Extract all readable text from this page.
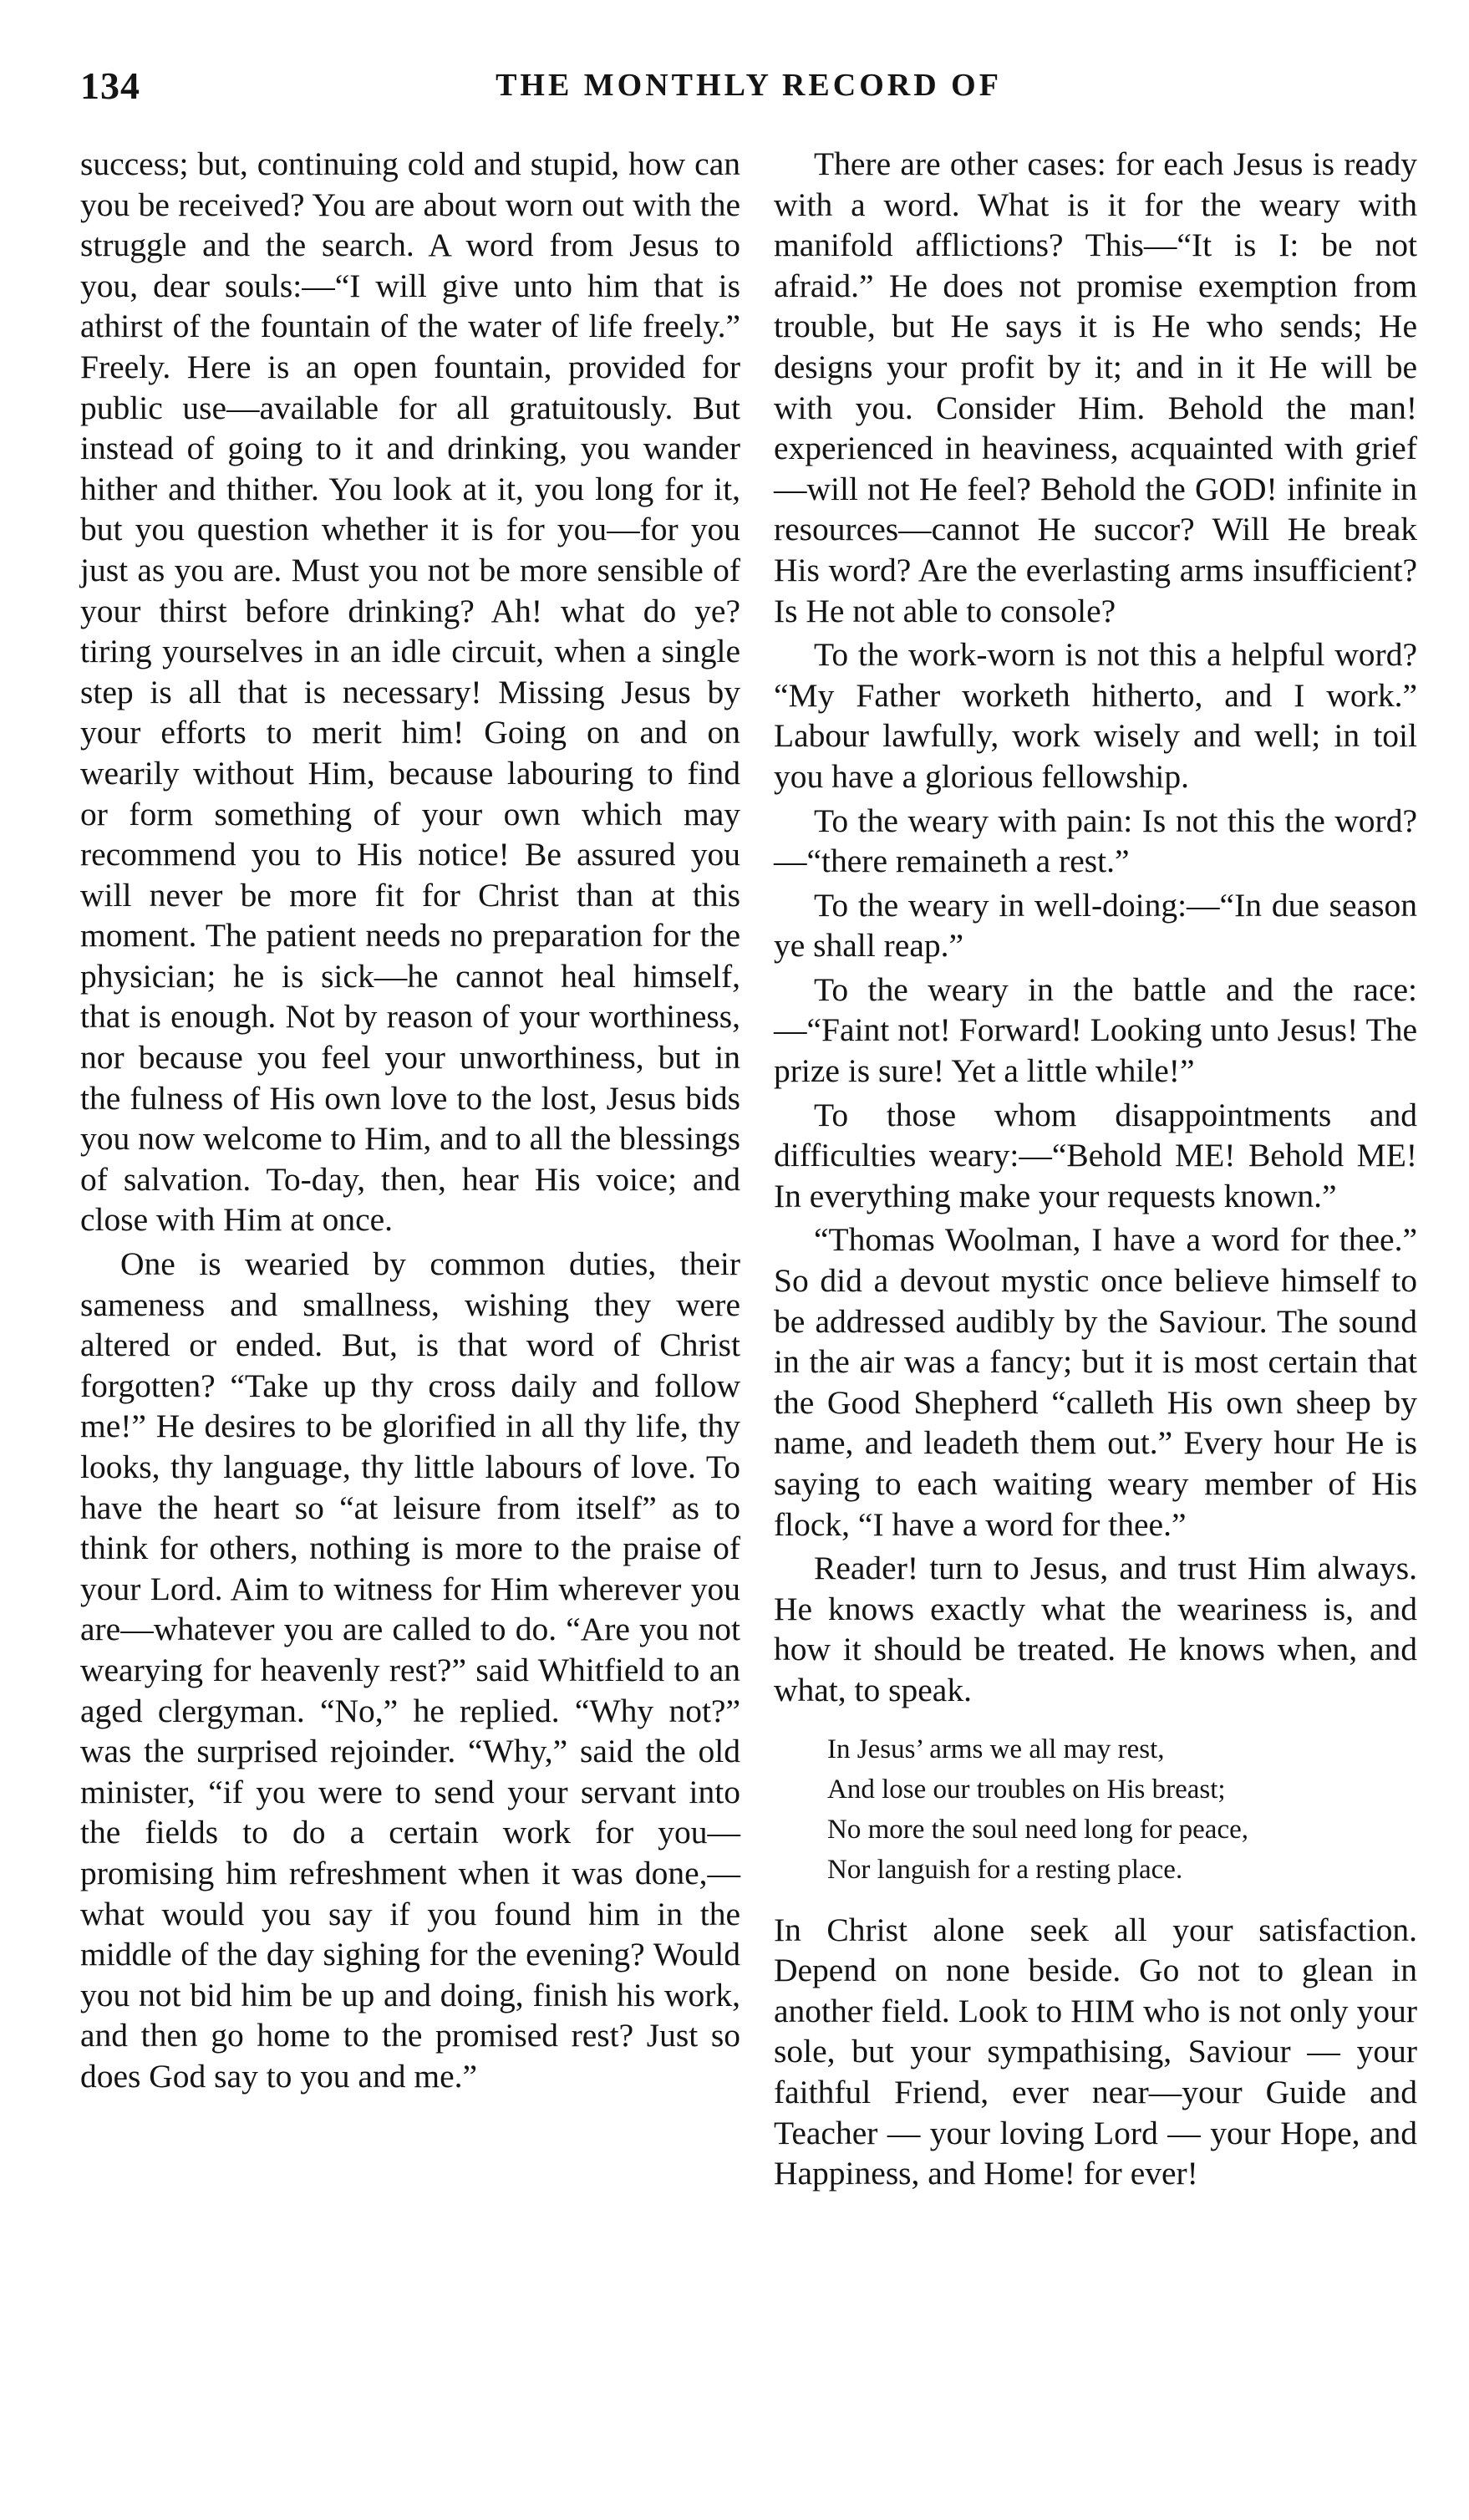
134	THE MONTHLY RECORD OF

success; but, continuing cold and stupid, how can you be received? You are about worn out with the struggle and the search. A word from Jesus to you, dear souls:—“I will give unto him that is athirst of the fountain of the water of life freely.” Freely. Here is an open fountain, provided for public use—available for all gratuitously. But instead of going to it and drinking, you wander hither and thither. You look at it, you long for it, but you question whether it is for you—for you just as you are. Must you not be more sensible of your thirst before drinking? Ah! what do ye? tiring yourselves in an idle circuit, when a single step is all that is necessary! Missing Jesus by your efforts to merit him! Going on and on wearily without Him, because labouring to find or form something of your own which may recommend you to His notice! Be assured you will never be more fit for Christ than at this moment. The patient needs no preparation for the physician; he is sick—he cannot heal himself, that is enough. Not by reason of your worthiness, nor because you feel your unworthiness, but in the fulness of His own love to the lost, Jesus bids you now welcome to Him, and to all the blessings of salvation. To-day, then, hear His voice; and close with Him at once.

One is wearied by common duties, their sameness and smallness, wishing they were altered or ended. But, is that word of Christ forgotten? “Take up thy cross daily and follow me!” He desires to be glorified in all thy life, thy looks, thy language, thy little labours of love. To have the heart so “at leisure from itself” as to think for others, nothing is more to the praise of your Lord. Aim to witness for Him wherever you are—whatever you are called to do. “Are you not wearying for heavenly rest?” said Whitfield to an aged clergyman. “No,” he replied. “Why not?” was the surprised rejoinder. “Why,” said the old minister, “if you were to send your servant into the fields to do a certain work for you—promising him refreshment when it was done,—what would you say if you found him in the middle of the day sighing for the evening? Would you not bid him be up and doing, finish his work, and then go home to the promised rest? Just so does God say to you and me.”

There are other cases: for each Jesus is ready with a word. What is it for the weary with manifold afflictions? This—“It is I: be not afraid.” He does not promise exemption from trouble, but He says it is He who sends; He designs your profit by it; and in it He will be with you. Consider Him. Behold the man! experienced in heaviness, acquainted with grief—will not He feel? Behold the GOD! infinite in resources—cannot He succor? Will He break His word? Are the everlasting arms insufficient? Is He not able to console?

To the work-worn is not this a helpful word? “My Father worketh hitherto, and I work.” Labour lawfully, work wisely and well; in toil you have a glorious fellowship.

To the weary with pain: Is not this the word?—“there remaineth a rest.”

To the weary in well-doing:—“In due season ye shall reap.”

To the weary in the battle and the race:—“Faint not! Forward! Looking unto Jesus! The prize is sure! Yet a little while!”

To those whom disappointments and difficulties weary:—“Behold ME! Behold ME! In everything make your requests known.”

“Thomas Woolman, I have a word for thee.” So did a devout mystic once believe himself to be addressed audibly by the Saviour. The sound in the air was a fancy; but it is most certain that the Good Shepherd “calleth His own sheep by name, and leadeth them out.” Every hour He is saying to each waiting weary member of His flock, “I have a word for thee.”

Reader! turn to Jesus, and trust Him always. He knows exactly what the weariness is, and how it should be treated. He knows when, and what, to speak.

In Jesus’ arms we all may rest,
And lose our troubles on His breast;
No more the soul need long for peace,
Nor languish for a resting place.

In Christ alone seek all your satisfaction. Depend on none beside. Go not to glean in another field. Look to HIM who is not only your sole, but your sympathising, Saviour — your faithful Friend, ever near—your Guide and Teacher — your loving Lord — your Hope, and Happiness, and Home! for ever!
